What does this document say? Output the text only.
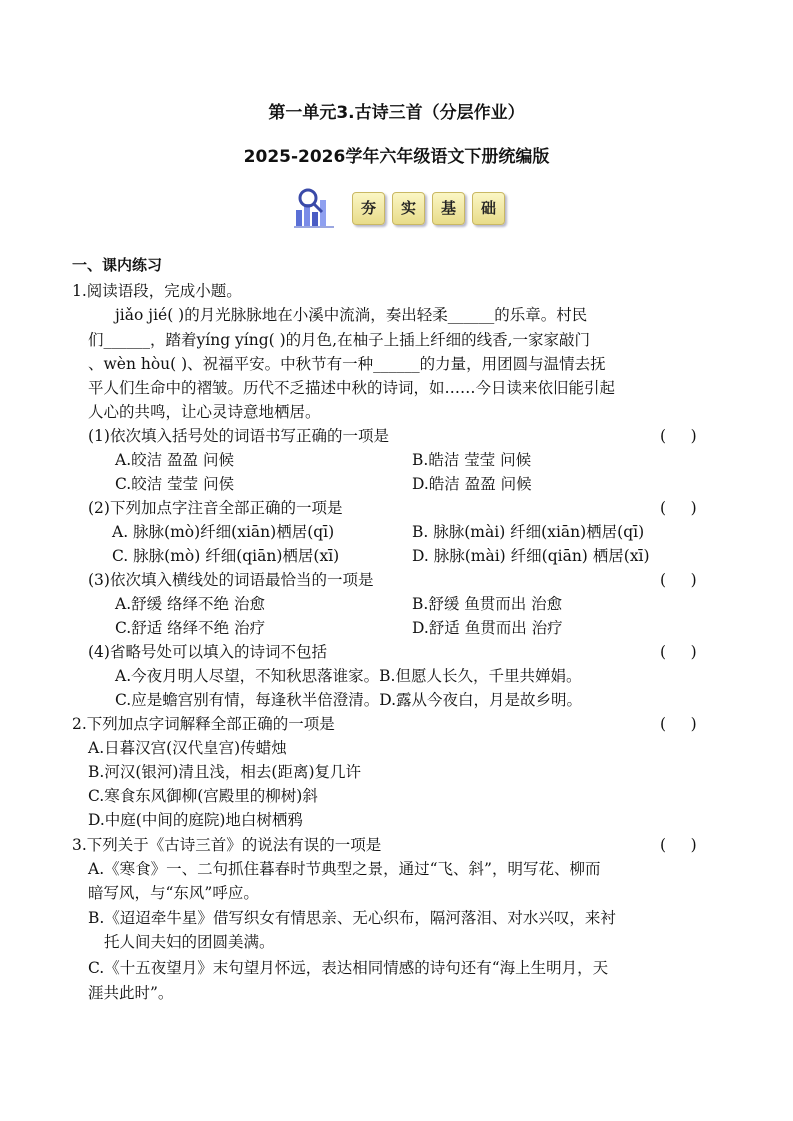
第一单元3.古诗三首（分层作业）
2025-2026学年六年级语文下册统编版
夯	实	基	础
一、课内练习
1.阅读语段，完成小题。
jiǎo jié( )的月光脉脉地在小溪中流淌，奏出轻柔______的乐章。村民
们______，踏着yíng yíng( )的月色,在柚子上插上纤细的线香,一家家敲门
、wèn hòu( )、祝福平安。中秋节有一种______的力量，用团圆与温情去抚
平人们生命中的褶皱。历代不乏描述中秋的诗词，如……今日读来依旧能引起
人心的共鸣，让心灵诗意地栖居。
(1)依次填入括号处的词语书写正确的一项是	(     )
A.皎洁 盈盈 问候	B.皓洁 莹莹 问候
C.皎洁 莹莹 问侯	D.皓洁 盈盈 问候
(2)下列加点字注音全部正确的一项是	(     )
A. 脉脉(mò)纤细(xiān)栖居(qī)	B. 脉脉(mài) 纤细(xiān)栖居(qī)
C. 脉脉(mò) 纤细(qiān)栖居(xī)	D. 脉脉(mài) 纤细(qiān) 栖居(xī)
(3)依次填入横线处的词语最恰当的一项是	(     )
A.舒缓 络绎不绝 治愈	B.舒缓 鱼贯而出 治愈
C.舒适 络绎不绝 治疗	D.舒适 鱼贯而出 治疗
(4)省略号处可以填入的诗词不包括	(     )
A.今夜月明人尽望，不知秋思落谁家。B.但愿人长久，千里共婵娟。
C.应是蟾宫别有情，每逢秋半倍澄清。D.露从今夜白，月是故乡明。
2.下列加点字词解释全部正确的一项是	(     )
A.日暮汉宫(汉代皇宫)传蜡烛
B.河汉(银河)清且浅，相去(距离)复几许
C.寒食东风御柳(宫殿里的柳树)斜
D.中庭(中间的庭院)地白树栖鸦
3.下列关于《古诗三首》的说法有误的一项是	(     )
A.《寒食》一、二句抓住暮春时节典型之景，通过“飞、斜”，明写花、柳而
暗写风，与“东风”呼应。
B.《迢迢牵牛星》借写织女有情思亲、无心织布，隔河落泪、对水兴叹，来衬
托人间夫妇的团圆美满。
C.《十五夜望月》末句望月怀远，表达相同情感的诗句还有“海上生明月，天
涯共此时”。
